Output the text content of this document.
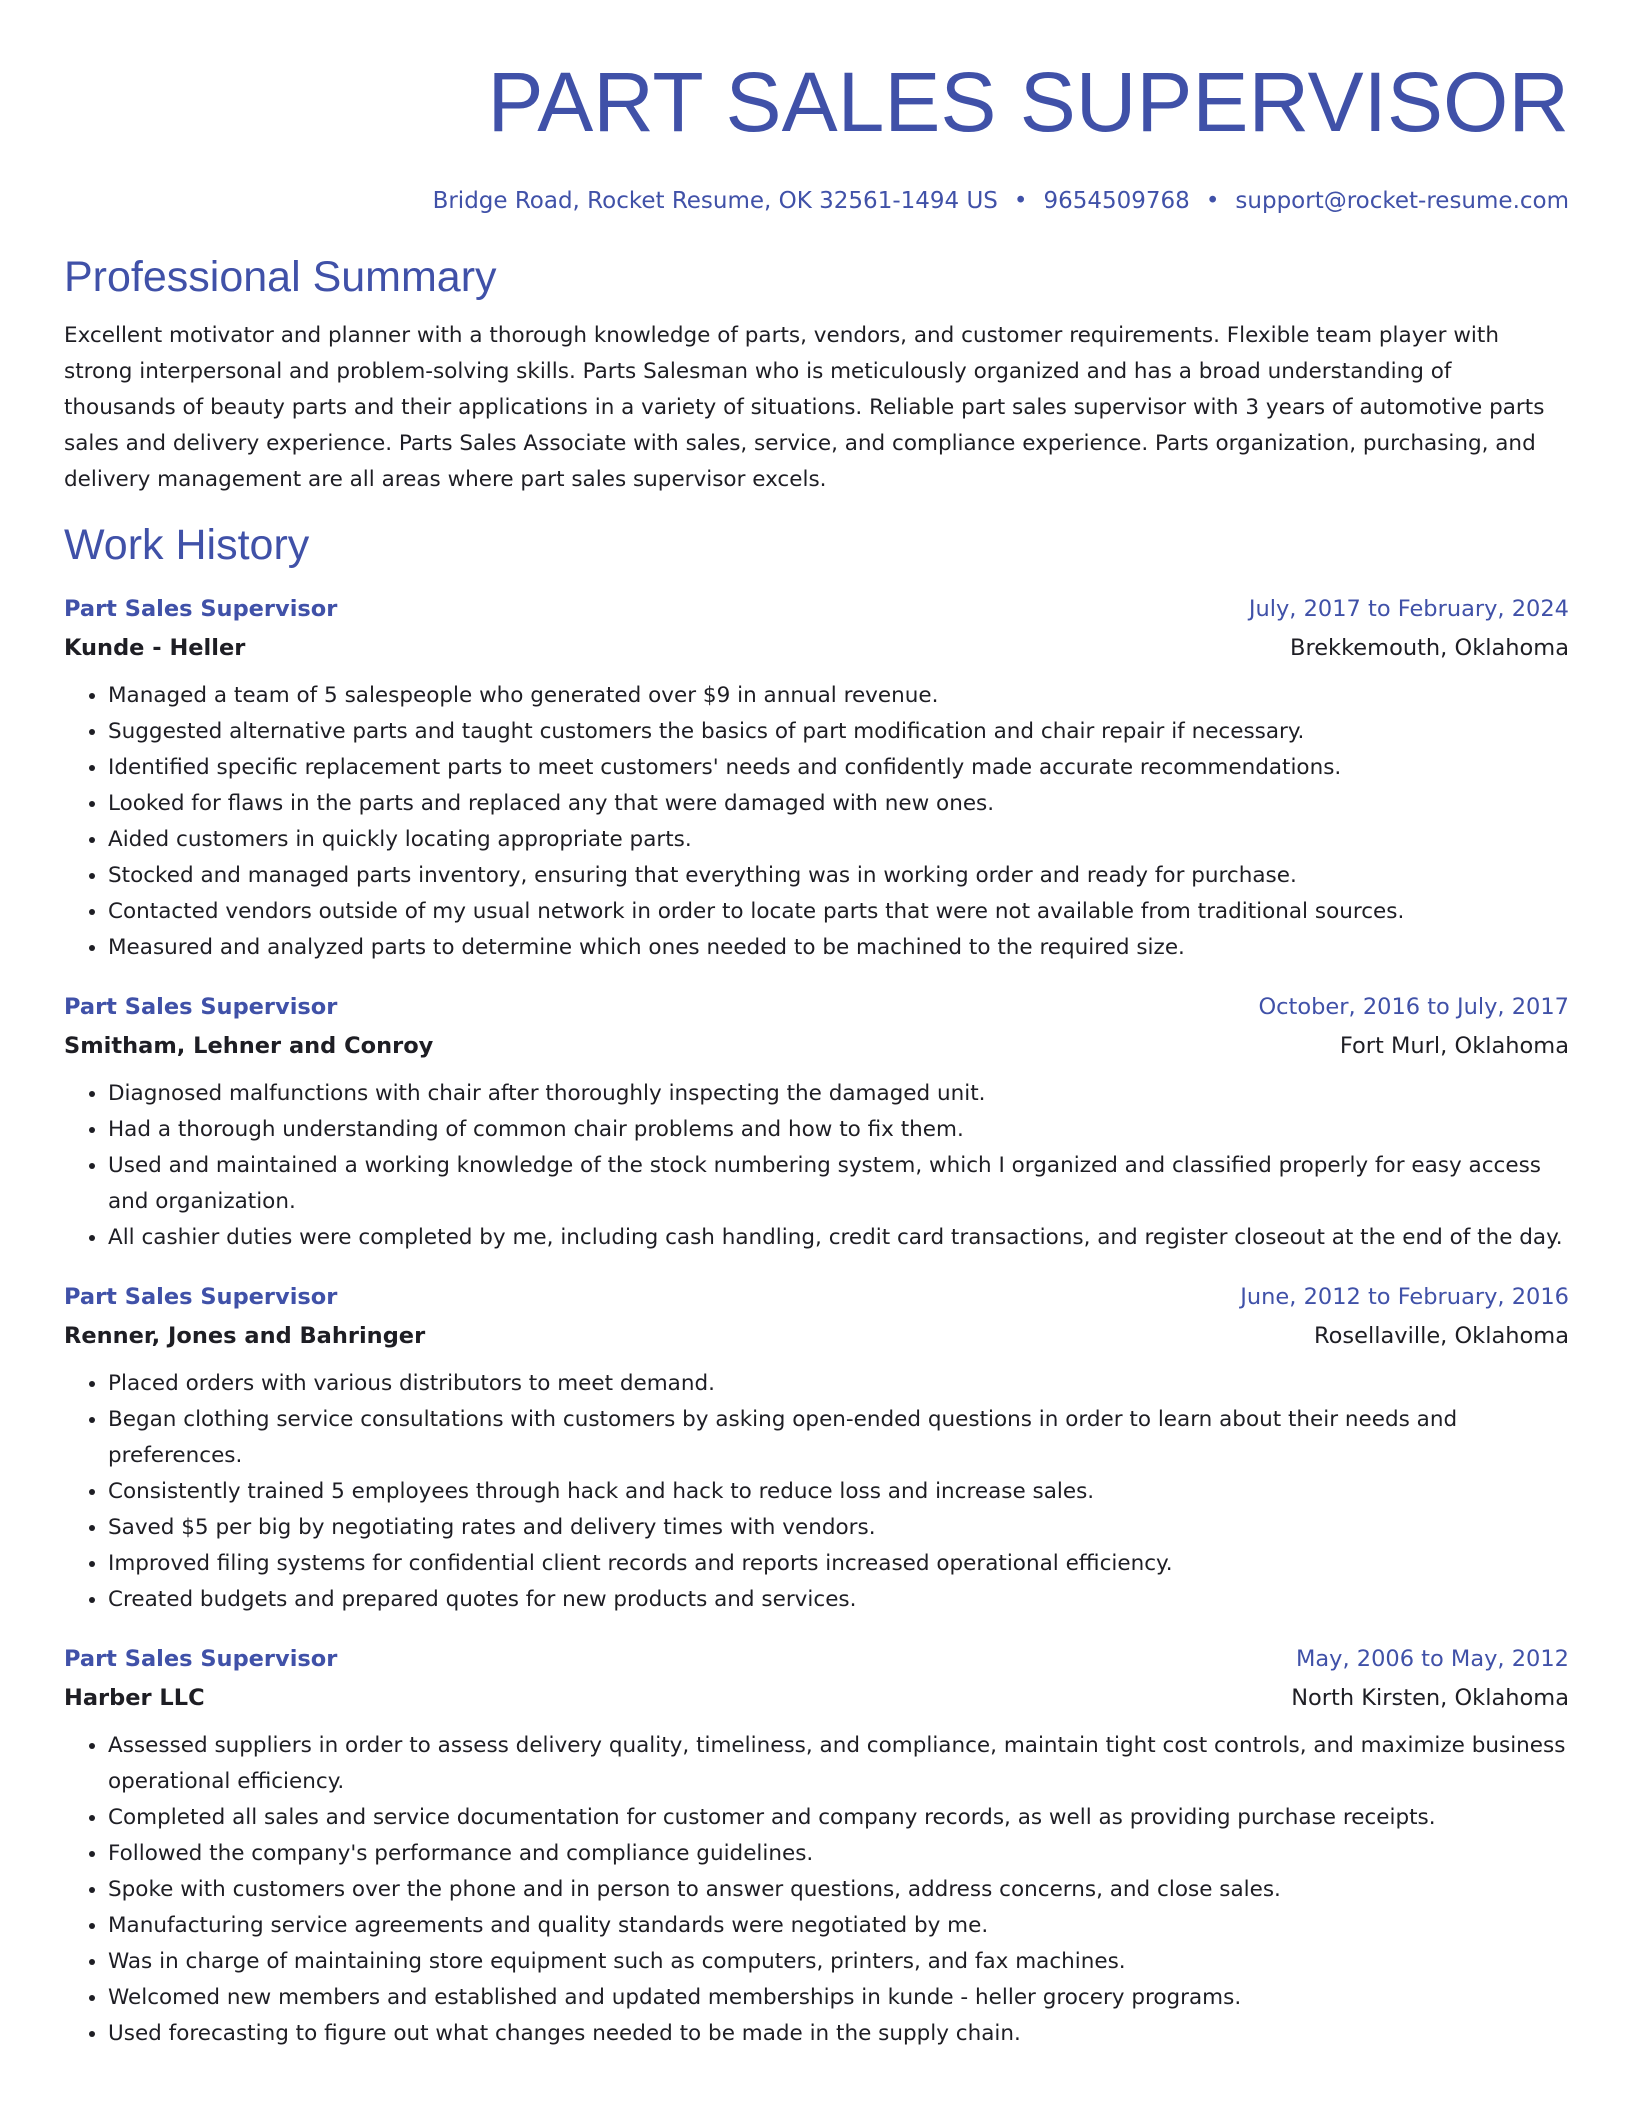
PART SALES SUPERVISOR
Bridge Road, Rocket Resume, OK 32561-1494 US • 9654509768 • support@rocket-resume.com
Professional Summary

Excellent motivator and planner with a thorough knowledge of parts, vendors, and customer requirements. Flexible team player with strong interpersonal and problem-solving skills. Parts Salesman who is meticulously organized and has a broad understanding of thousands of beauty parts and their applications in a variety of situations. Reliable part sales supervisor with 3 years of automotive parts sales and delivery experience. Parts Sales Associate with sales, service, and compliance experience. Parts organization, purchasing, and delivery management are all areas where part sales supervisor excels.

Work History
Part Sales Supervisor	July, 2017 to February, 2024
Kunde - Heller	Brekkemouth, Oklahoma
• Managed a team of 5 salespeople who generated over $9 in annual revenue.
• Suggested alternative parts and taught customers the basics of part modification and chair repair if necessary.
• Identified specific replacement parts to meet customers' needs and confidently made accurate recommendations.
• Looked for flaws in the parts and replaced any that were damaged with new ones.
• Aided customers in quickly locating appropriate parts.
• Stocked and managed parts inventory, ensuring that everything was in working order and ready for purchase.
• Contacted vendors outside of my usual network in order to locate parts that were not available from traditional sources.
• Measured and analyzed parts to determine which ones needed to be machined to the required size.
Part Sales Supervisor	October, 2016 to July, 2017
Smitham, Lehner and Conroy	Fort Murl, Oklahoma
• Diagnosed malfunctions with chair after thoroughly inspecting the damaged unit.
• Had a thorough understanding of common chair problems and how to fix them.
• Used and maintained a working knowledge of the stock numbering system, which I organized and classified properly for easy access and organization.
• All cashier duties were completed by me, including cash handling, credit card transactions, and register closeout at the end of the day.
Part Sales Supervisor	June, 2012 to February, 2016
Renner, Jones and Bahringer	Rosellaville, Oklahoma
• Placed orders with various distributors to meet demand.
• Began clothing service consultations with customers by asking open-ended questions in order to learn about their needs and preferences.
• Consistently trained 5 employees through hack and hack to reduce loss and increase sales.
• Saved $5 per big by negotiating rates and delivery times with vendors.
• Improved filing systems for confidential client records and reports increased operational efficiency.
• Created budgets and prepared quotes for new products and services.
Part Sales Supervisor	May, 2006 to May, 2012
Harber LLC	North Kirsten, Oklahoma
• Assessed suppliers in order to assess delivery quality, timeliness, and compliance, maintain tight cost controls, and maximize business operational efficiency.
• Completed all sales and service documentation for customer and company records, as well as providing purchase receipts.
• Followed the company's performance and compliance guidelines.
• Spoke with customers over the phone and in person to answer questions, address concerns, and close sales.
• Manufacturing service agreements and quality standards were negotiated by me.
• Was in charge of maintaining store equipment such as computers, printers, and fax machines.
• Welcomed new members and established and updated memberships in kunde - heller grocery programs.
• Used forecasting to figure out what changes needed to be made in the supply chain.
